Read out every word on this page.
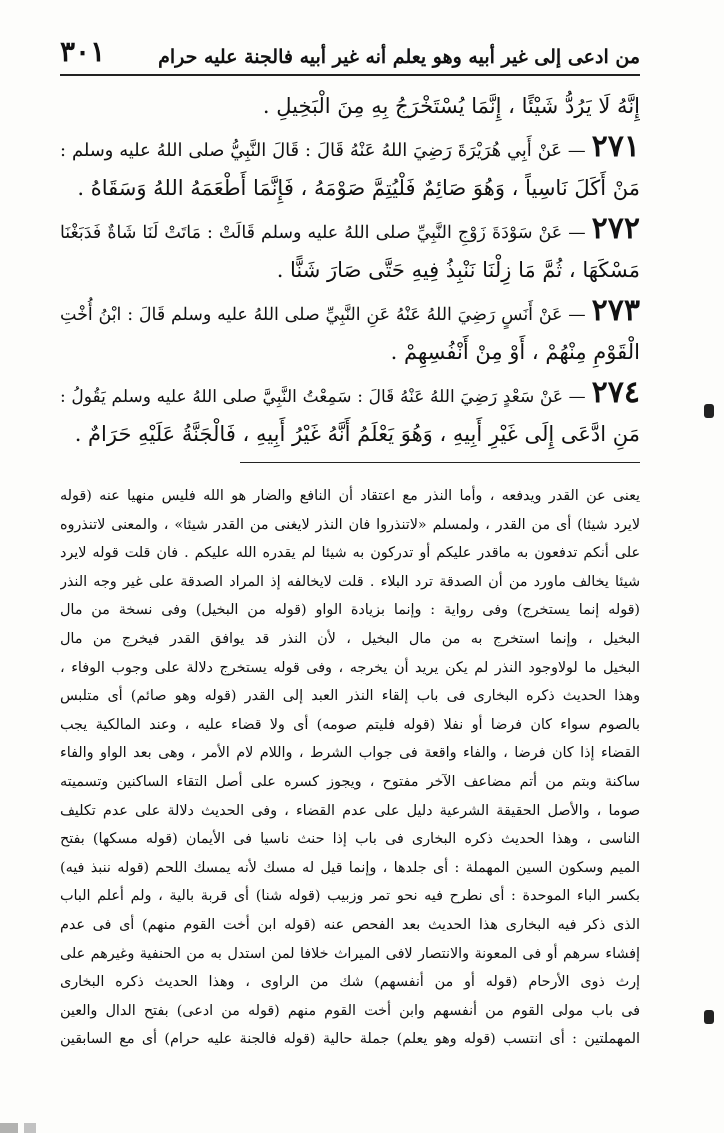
من ادعى إلى غير أبيه وهو يعلم أنه غير أبيه فالجنة عليه حرام
٣٠١
إِنَّهُ لَا يَرُدُّ شَيْئًا ، إِنَّمَا يُسْتَخْرَجُ بِهِ مِنَ الْبَخِيلِ .
٢٧١— عَنْ أَبِي هُرَيْرَةَ رَضِيَ اللهُ عَنْهُ قَالَ : قَالَ النَّبِيُّ صلى اللهُ عليه وسلم :
مَنْ أَكَلَ نَاسِياً ، وَهُوَ صَائِمٌ فَلْيُتِمَّ صَوْمَهُ ، فَإِنَّمَا أَطْعَمَهُ اللهُ وَسَقَاهُ .
٢٧٢— عَنْ سَوْدَةَ زَوْجِ النَّبِيِّ صلى اللهُ عليه وسلم قَالَتْ : مَاتَتْ لَنَا شَاةٌ فَدَبَغْنَا
مَسْكَهَا ، ثُمَّ مَا زِلْنَا نَنْبِذُ فِيهِ حَتَّى صَارَ شَنًّا .
٢٧٣— عَنْ أَنَسٍ رَضِيَ اللهُ عَنْهُ عَنِ النَّبِيِّ صلى اللهُ عليه وسلم قَالَ : ابْنُ أُخْتِ
الْقَوْمِ مِنْهُمْ ، أَوْ مِنْ أَنْفُسِهِمْ .
٢٧٤— عَنْ سَعْدٍ رَضِيَ اللهُ عَنْهُ قَالَ : سَمِعْتُ النَّبِيَّ صلى اللهُ عليه وسلم يَقُولُ :
مَنِ ادَّعَى إِلَى غَيْرِ أَبِيهِ ، وَهُوَ يَعْلَمُ أَنَّهُ غَيْرُ أَبِيهِ ، فَالْجَنَّةُ عَلَيْهِ حَرَامٌ .
يعنى عن القدر ويدفعه ، وأما النذر مع اعتقاد أن النافع والضار هو الله فليس منهيا عنه (قوله
لايرد شيئا) أى من القدر ، ولمسلم «لاتنذروا فان النذر لايغنى من القدر شيئا» ، والمعنى لاتنذروه
على أنكم تدفعون به ماقدر عليكم أو تدركون به شيئا لم يقدره الله عليكم . فان قلت قوله لايرد
شيئا يخالف ماورد من أن الصدقة ترد البلاء . قلت لايخالفه إذ المراد الصدقة على غير وجه النذر
(قوله إنما يستخرج) وفى رواية : وإنما بزيادة الواو (قوله من البخيل) وفى نسخة من مال
البخيل ، وإنما استخرج به من مال البخيل ، لأن النذر قد يوافق القدر فيخرج من مال
البخيل ما لولاوجود النذر لم يكن يريد أن يخرجه ، وفى قوله يستخرج دلالة على وجوب الوفاء ،
وهذا الحديث ذكره البخارى فى باب إلقاء النذر العبد إلى القدر (قوله وهو صائم) أى متلبس
بالصوم سواء كان فرضا أو نفلا (قوله فليتم صومه) أى ولا قضاء عليه ، وعند المالكية يجب
القضاء إذا كان فرضا ، والفاء واقعة فى جواب الشرط ، واللام لام الأمر ، وهى بعد الواو والفاء
ساكنة وبتم من أتم مضاعف الآخر مفتوح ، ويجوز كسره على أصل التقاء الساكنين وتسميته
صوما ، والأصل الحقيقة الشرعية دليل على عدم القضاء ، وفى الحديث دلالة على عدم تكليف
الناسى ، وهذا الحديث ذكره البخارى فى باب إذا حنث ناسيا فى الأيمان (قوله مسكها) بفتح
الميم وسكون السين المهملة : أى جلدها ، وإنما قيل له مسك لأنه يمسك اللحم (قوله ننبذ فيه)
بكسر الباء الموحدة : أى نطرح فيه نحو تمر وزبيب (قوله شنا) أى قربة بالية ، ولم أعلم الباب
الذى ذكر فيه البخارى هذا الحديث بعد الفحص عنه (قوله ابن أخت القوم منهم) أى فى عدم
إفشاء سرهم أو فى المعونة والانتصار لافى الميراث خلافا لمن استدل به من الحنفية وغيرهم على
إرث ذوى الأرحام (قوله أو من أنفسهم) شك من الراوى ، وهذا الحديث ذكره البخارى
فى باب مولى القوم من أنفسهم وابن أخت القوم منهم (قوله من ادعى) بفتح الدال والعين
المهملتين : أى انتسب (قوله وهو يعلم) جملة حالية (قوله فالجنة عليه حرام) أى مع السابقين
